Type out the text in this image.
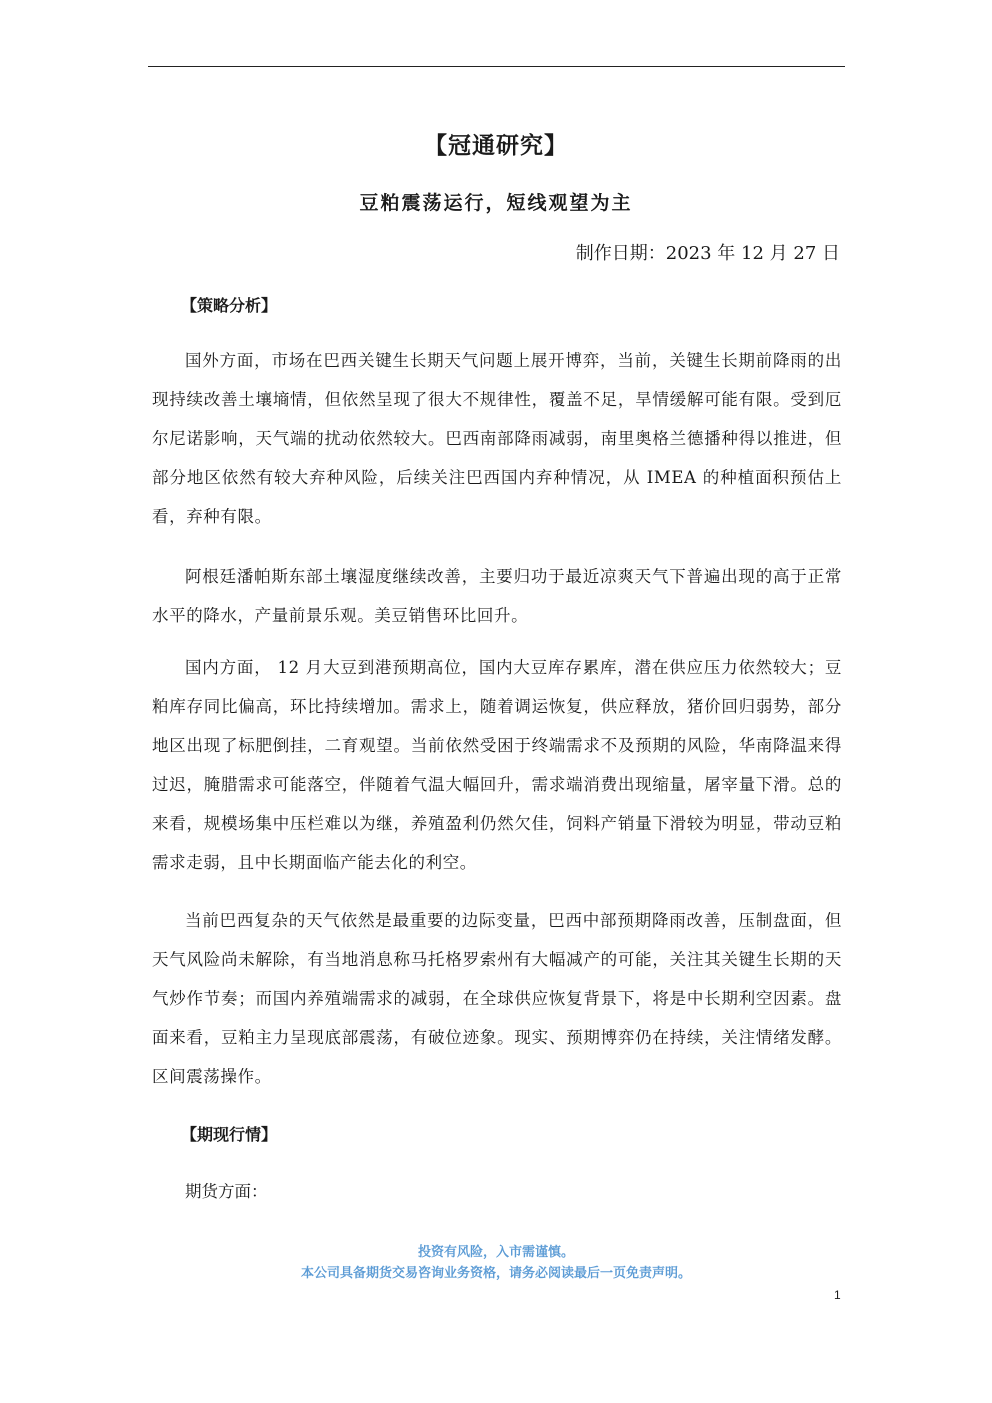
【冠通研究】
豆粕震荡运行，短线观望为主
制作日期：2023 年 12 月 27 日
【策略分析】

国外方面，市场在巴西关键生长期天气问题上展开博弈，当前，关键生长期前降雨的出现持续改善土壤墒情，但依然呈现了很大不规律性，覆盖不足，旱情缓解可能有限。受到厄尔尼诺影响，天气端的扰动依然较大。巴西南部降雨减弱，南里奥格兰德播种得以推进，但部分地区依然有较大弃种风险，后续关注巴西国内弃种情况，从 IMEA 的种植面积预估上看，弃种有限。

阿根廷潘帕斯东部土壤湿度继续改善，主要归功于最近凉爽天气下普遍出现的高于正常水平的降水，产量前景乐观。美豆销售环比回升。

国内方面， 12 月大豆到港预期高位，国内大豆库存累库，潜在供应压力依然较大；豆粕库存同比偏高，环比持续增加。需求上，随着调运恢复，供应释放，猪价回归弱势，部分地区出现了标肥倒挂，二育观望。当前依然受困于终端需求不及预期的风险，华南降温来得过迟，腌腊需求可能落空，伴随着气温大幅回升，需求端消费出现缩量，屠宰量下滑。总的来看，规模场集中压栏难以为继，养殖盈利仍然欠佳，饲料产销量下滑较为明显，带动豆粕需求走弱，且中长期面临产能去化的利空。

当前巴西复杂的天气依然是最重要的边际变量，巴西中部预期降雨改善，压制盘面，但天气风险尚未解除，有当地消息称马托格罗索州有大幅减产的可能，关注其关键生长期的天气炒作节奏；而国内养殖端需求的减弱，在全球供应恢复背景下，将是中长期利空因素。盘面来看，豆粕主力呈现底部震荡，有破位迹象。现实、预期博弈仍在持续，关注情绪发酵。区间震荡操作。

【期现行情】
期货方面：
投资有风险，入市需谨慎。
本公司具备期货交易咨询业务资格，请务必阅读最后一页免责声明。
1
